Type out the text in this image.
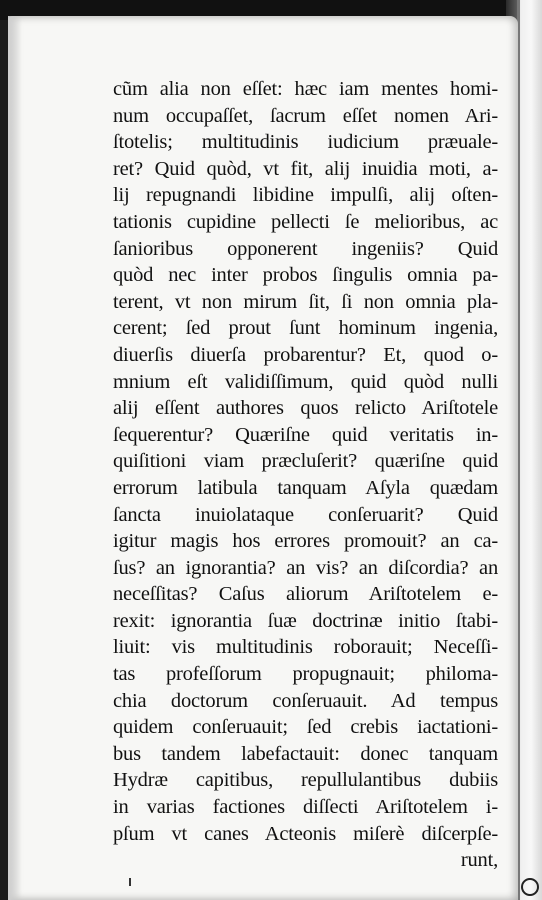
cũm alia non eſſet: hæc iam mentes homi-
num occupaſſet, ſacrum eſſet nomen Ari-
ſtotelis; multitudinis iudicium præuale-
ret? Quid quòd, vt fit, alij inuidia moti, a-
lij repugnandi libidine impulſi, alij oſten-
tationis cupidine pellecti ſe melioribus, ac
ſanioribus opponerent ingeniis? Quid
quòd nec inter probos ſingulis omnia pa-
terent, vt non mirum ſit, ſi non omnia pla-
cerent; ſed prout ſunt hominum ingenia,
diuerſis diuerſa probarentur? Et, quod o-
mnium eſt validiſſimum, quid quòd nulli
alij eſſent authores quos relicto Ariſtotele
ſequerentur? Quæriſne quid veritatis in-
quiſitioni viam præcluſerit? quæriſne quid
errorum latibula tanquam Aſyla quædam
ſancta inuiolataque conſeruarit? Quid
igitur magis hos errores promouit? an ca-
ſus? an ignorantia? an vis? an diſcordia? an
neceſſitas? Caſus aliorum Ariſtotelem e-
rexit: ignorantia ſuæ doctrinæ initio ſtabi-
liuit: vis multitudinis roborauit; Neceſſi-
tas profeſſorum propugnauit; philoma-
chia doctorum conſeruauit. Ad tempus
quidem conſeruauit; ſed crebis iactationi-
bus tandem labefactauit: donec tanquam
Hydræ capitibus, repullulantibus dubiis
in varias factiones diſſecti Ariſtotelem i-
pſum vt canes Acteonis miſerè diſcerpſe-
runt,
